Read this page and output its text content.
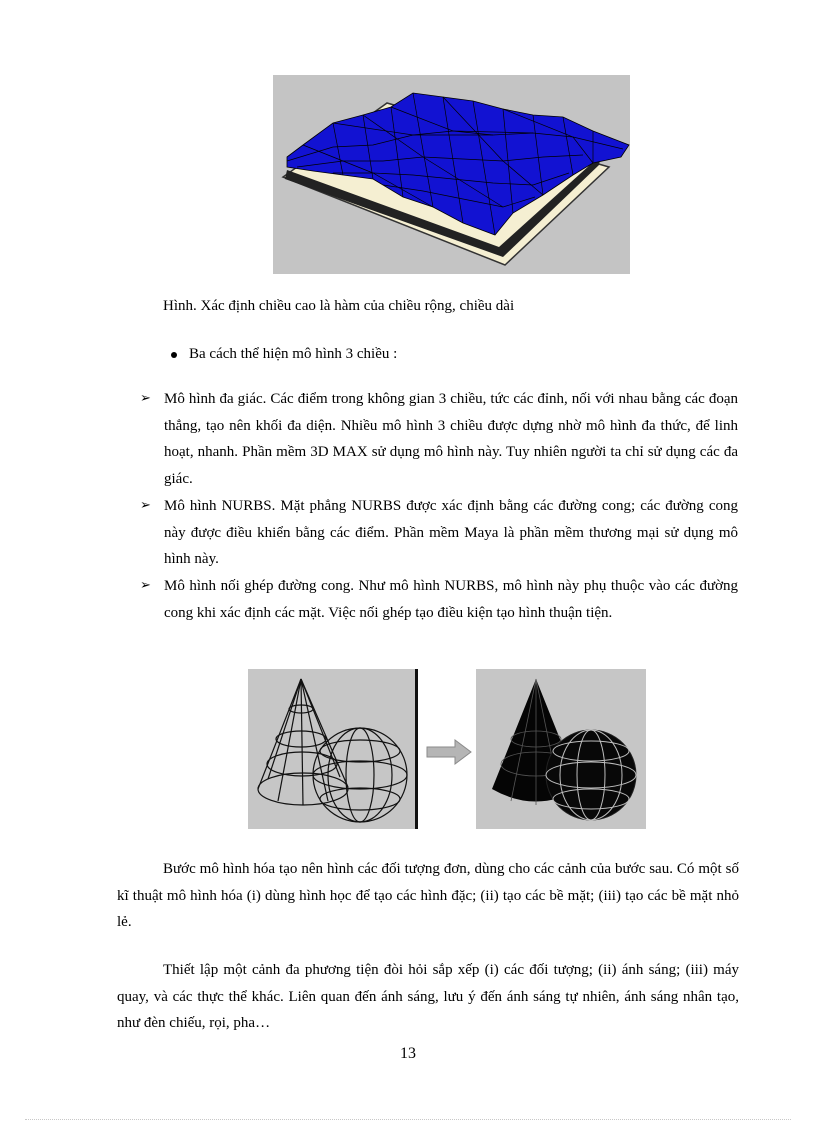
Hình. Xác định chiều cao là hàm của chiều rộng, chiều dài
Ba cách thể hiện mô hình 3 chiều :
➢ Mô hình đa giác. Các điểm trong không gian 3 chiều, tức các đỉnh, nối với nhau bằng các đoạn thẳng, tạo nên khối đa diện. Nhiều mô hình 3 chiều được dựng nhờ mô hình đa thức, để linh hoạt, nhanh. Phần mềm 3D MAX sử dụng mô hình này. Tuy nhiên người ta chỉ sử dụng các đa giác.
➢ Mô hình NURBS. Mặt phẳng NURBS được xác định bằng các đường cong; các đường cong này được điều khiển bằng các điểm. Phần mềm Maya là phần mềm thương mại sử dụng mô hình này.
➢ Mô hình nối ghép đường cong. Như mô hình NURBS, mô hình này phụ thuộc vào các đường cong khi xác định các mặt. Việc nối ghép tạo điều kiện tạo hình thuận tiện.
Bước mô hình hóa tạo nên hình các đối tượng đơn, dùng cho các cảnh của bước sau. Có một số kĩ thuật mô hình hóa (i) dùng hình học để tạo các hình đặc; (ii) tạo các bề mặt; (iii) tạo các bề mặt nhỏ lẻ.
Thiết lập một cảnh đa phương tiện đòi hỏi sắp xếp (i) các đối tượng; (ii) ánh sáng; (iii) máy quay, và các thực thể khác. Liên quan đến ánh sáng, lưu ý đến ánh sáng tự nhiên, ánh sáng nhân tạo, như đèn chiếu, rọi, pha…
13
